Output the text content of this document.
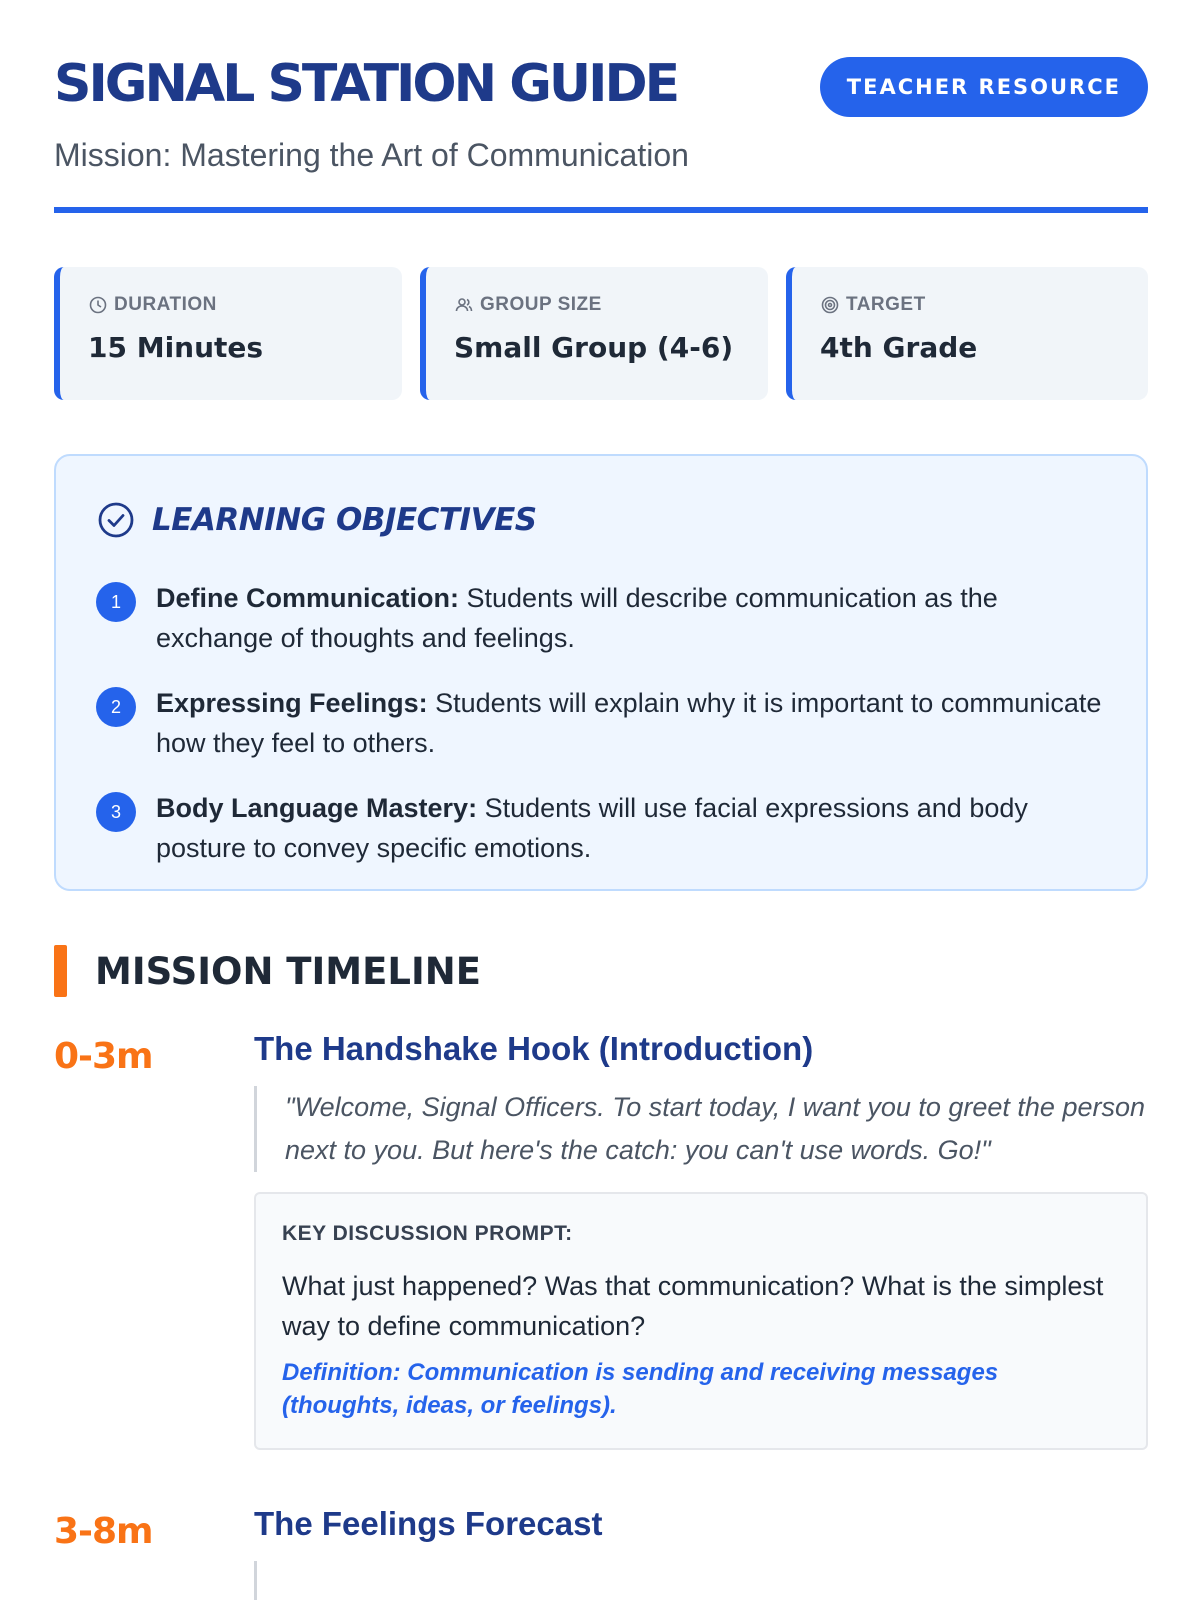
SIGNAL STATION GUIDE	TEACHER RESOURCE
Mission: Mastering the Art of Communication
DURATION
15 Minutes
GROUP SIZE
Small Group (4-6)
TARGET
4th Grade
LEARNING OBJECTIVES
1	Define Communication: Students will describe communication as the exchange of thoughts and feelings.
2	Expressing Feelings: Students will explain why it is important to communicate how they feel to others.
3	Body Language Mastery: Students will use facial expressions and body posture to convey specific emotions.
MISSION TIMELINE
0-3m	The Handshake Hook (Introduction)
"Welcome, Signal Officers. To start today, I want you to greet the person next to you. But here's the catch: you can't use words. Go!"
KEY DISCUSSION PROMPT:
What just happened? Was that communication? What is the simplest way to define communication?
Definition: Communication is sending and receiving messages (thoughts, ideas, or feelings).
3-8m	The Feelings Forecast
